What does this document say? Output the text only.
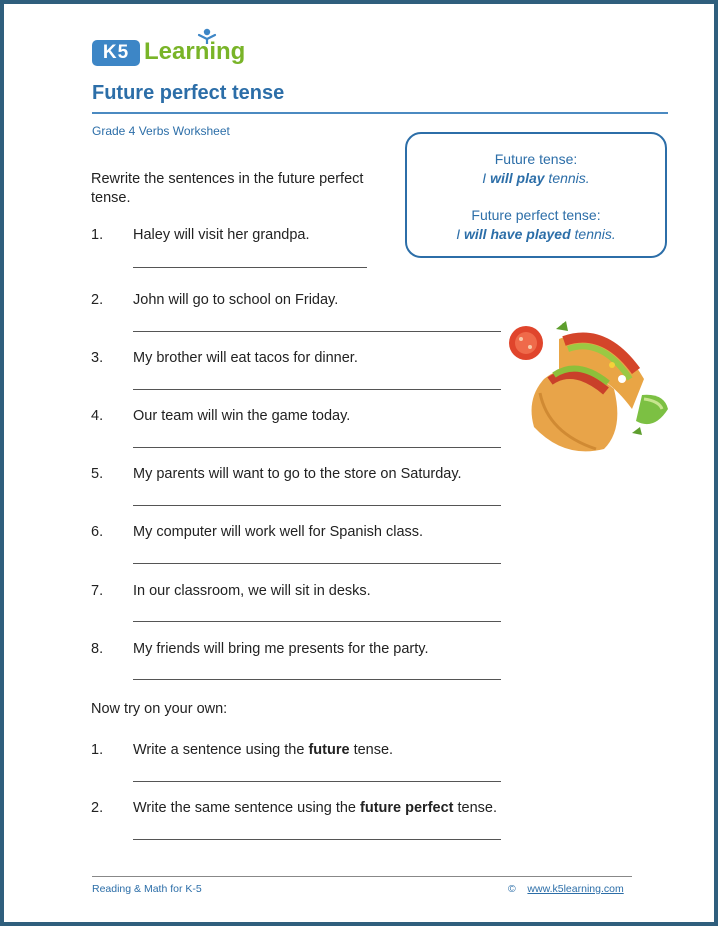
K5 Learning
Future perfect tense
Grade 4 Verbs Worksheet
Future tense:
I will play tennis.
Future perfect tense:
I will have played tennis.
Rewrite the sentences in the future perfect tense.
1. Haley will visit her grandpa.
2. John will go to school on Friday.
3. My brother will eat tacos for dinner.
4. Our team will win the game today.
5. My parents will want to go to the store on Saturday.
6. My computer will work well for Spanish class.
7. In our classroom, we will sit in desks.
8. My friends will bring me presents for the party.
Now try on your own:
1. Write a sentence using the future tense.
2. Write the same sentence using the future perfect tense.
Reading & Math for K-5	© www.k5learning.com
